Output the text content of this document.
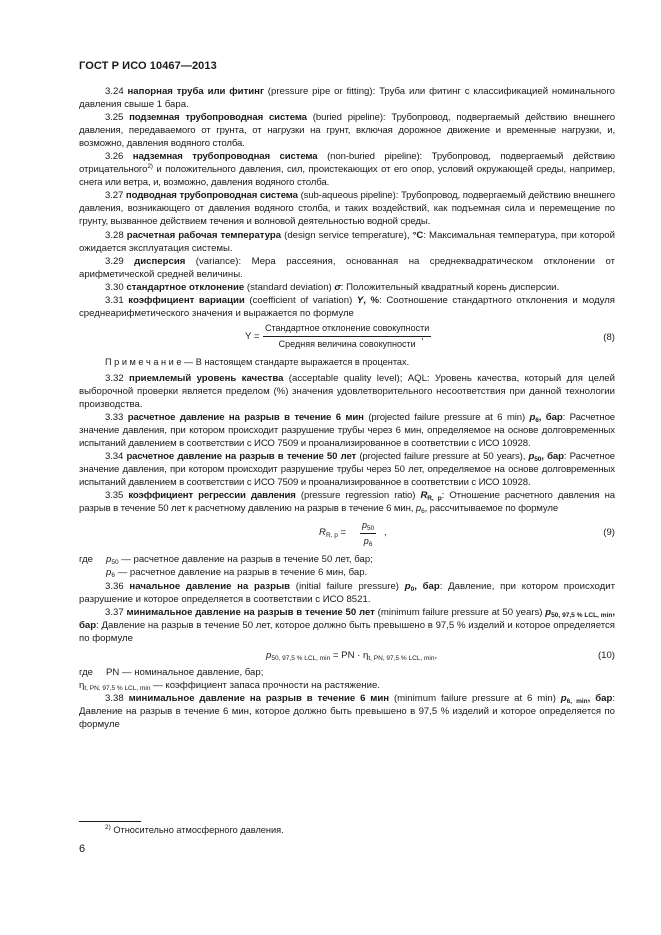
ГОСТ Р ИСО 10467—2013

3.24 напорная труба или фитинг (pressure pipe or fitting): Труба или фитинг с классификацией номинального давления свыше 1 бара.

3.25 подземная трубопроводная система (buried pipeline): Трубопровод, подвергаемый действию внешнего давления, передаваемого от грунта, от нагрузки на грунт, включая дорожное движение и временные нагрузки, и, возможно, давления водяного столба.

3.26 надземная трубопроводная система (non-buried pipeline): Трубопровод, подвергаемый действию отрицательного$^{2)}$ и положительного давления, сил, проистекающих от его опор, условий окружающей среды, например, снега или ветра, и, возможно, давления водяного столба.

3.27 подводная трубопроводная система (sub-aqueous pipeline): Трубопровод, подвергаемый действию внешнего давления, возникающего от давления водяного столба, и таких воздействий, как подъемная сила и перемещение по грунту, вызванное действием течения и волновой деятельностью водной среды.

3.28 расчетная рабочая температура (design service temperature), °C: Максимальная температура, при которой ожидается эксплуатация системы.

3.29 дисперсия (variance): Мера рассеяния, основанная на среднеквадратическом отклонении от арифметической средней величины.

3.30 стандартное отклонение (standard deviation) σ: Положительный квадратный корень дисперсии.

3.31 коэффициент вариации (coefficient of variation) Y, %: Соотношение стандартного отклонения и модуля среднеарифметического значения и выражается по формуле

Y =
Стандартное отклонение совокупности
Средняя величина совокупности
,	(8)

П р и м е ч а н и е — В настоящем стандарте выражается в процентах.

3.32 приемлемый уровень качества (acceptable quality level); AQL: Уровень качества, который для целей выборочной проверки является пределом (%) значения удовлетворительного несоответствия при данной технологии производства.

3.33 расчетное давление на разрыв в течение 6 мин (projected failure pressure at 6 min) $p_6$, бар: Расчетное значение давления, при котором происходит разрушение трубы через 6 мин, определяемое на основе долговременных испытаний давлением в соответствии с ИСО 7509 и проанализированное в соответствии с ИСО 10928.

3.34 расчетное давление на разрыв в течение 50 лет (projected failure pressure at 50 years), $p_{50}$, бар: Расчетное значение давления, при котором происходит разрушение трубы через 50 лет, определяемое на основе долговременных испытаний давлением в соответствии с ИСО 7509 и проанализированное в соответствии с ИСО 10928.

3.35 коэффициент регрессии давления (pressure regression ratio) $R_{R, p}$: Отношение расчетного давления на разрыв в течение 50 лет к расчетному давлению на разрыв в течение 6 мин, $p_6$, рассчитываемое по формуле

$R_{R, p} = \frac{p_{50}}{p_6}$ ,	(9)

где $p_{50}$ — расчетное давление на разрыв в течение 50 лет, бар;

$p_6$ — расчетное давление на разрыв в течение 6 мин, бар.

3.36 начальное давление на разрыв (initial failure pressure) $p_0$, бар: Давление, при котором происходит разрушение и которое определяется в соответствии с ИСО 8521.

3.37 минимальное давление на разрыв в течение 50 лет (minimum failure pressure at 50 years) $p_{50, 97,5 \% LCL, min}$, бар: Давление на разрыв в течение 50 лет, которое должно быть превышено в 97,5 % изделий и которое определяется по формуле

$p_{50, 97,5 \% LCL, min}$ = PN · $\eta_{t, PN, 97,5 \% LCL, min}$,	(10)

где PN — номинальное давление, бар;

$\eta_{t, PN, 97,5 \% LCL, min}$ — коэффициент запаса прочности на растяжение.

3.38 минимальное давление на разрыв в течение 6 мин (minimum failure pressure at 6 min) $p_{6, min}$, бар: Давление на разрыв в течение 6 мин, которое должно быть превышено в 97,5 % изделий и которое определяется по формуле

$^{2)}$ Относительно атмосферного давления.
6
